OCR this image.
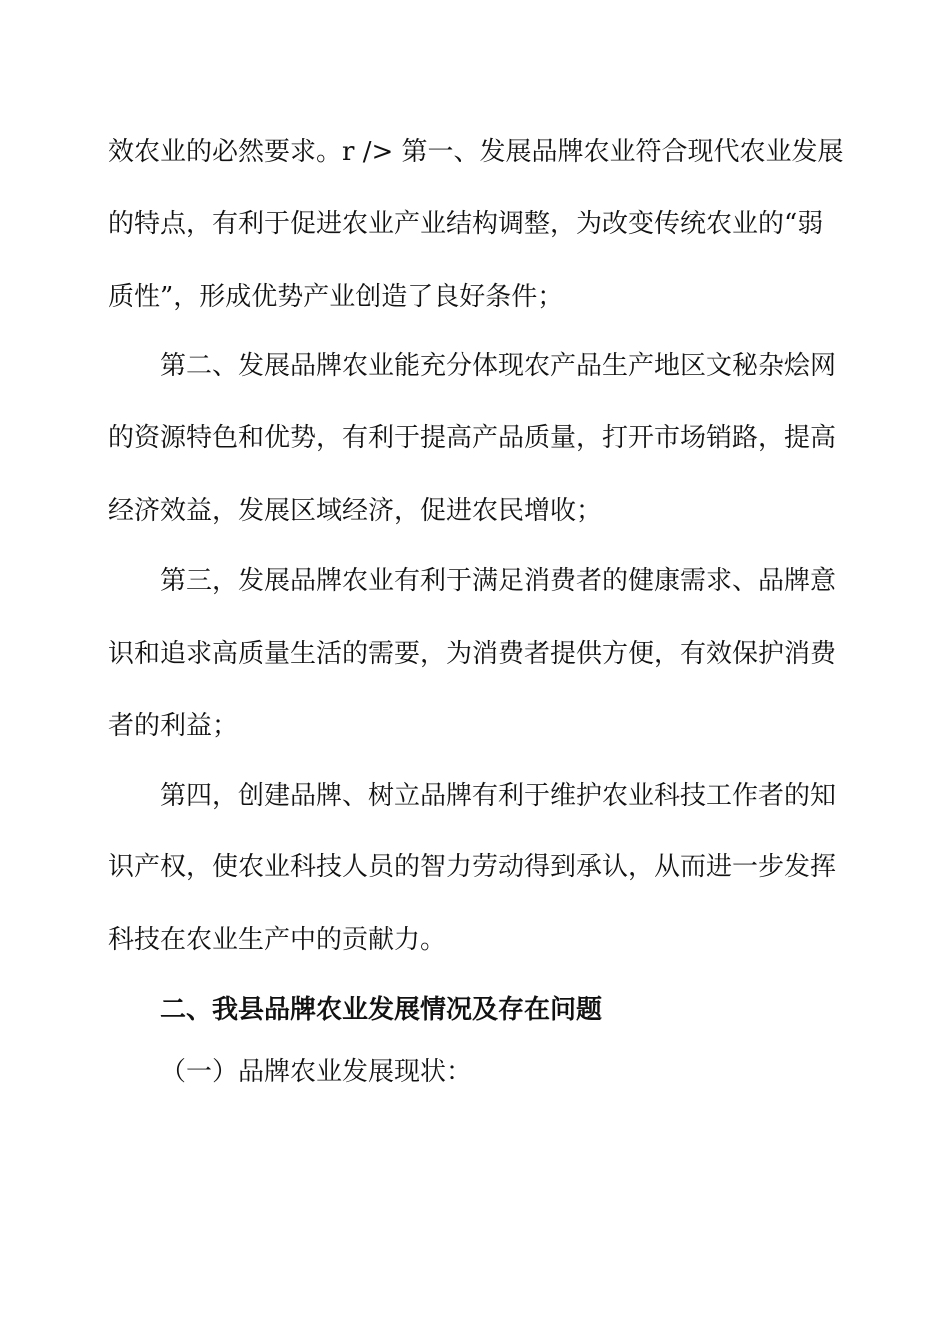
效农业的必然要求。r /> 第一、发展品牌农业符合现代农业发展
的特点，有利于促进农业产业结构调整，为改变传统农业的“弱
质性”，形成优势产业创造了良好条件；
第二、发展品牌农业能充分体现农产品生产地区文秘杂烩网
的资源特色和优势，有利于提高产品质量，打开市场销路，提高
经济效益，发展区域经济，促进农民增收；
第三，发展品牌农业有利于满足消费者的健康需求、品牌意
识和追求高质量生活的需要，为消费者提供方便，有效保护消费
者的利益；
第四，创建品牌、树立品牌有利于维护农业科技工作者的知
识产权，使农业科技人员的智力劳动得到承认，从而进一步发挥
科技在农业生产中的贡献力。
二、我县品牌农业发展情况及存在问题
（一）品牌农业发展现状：
